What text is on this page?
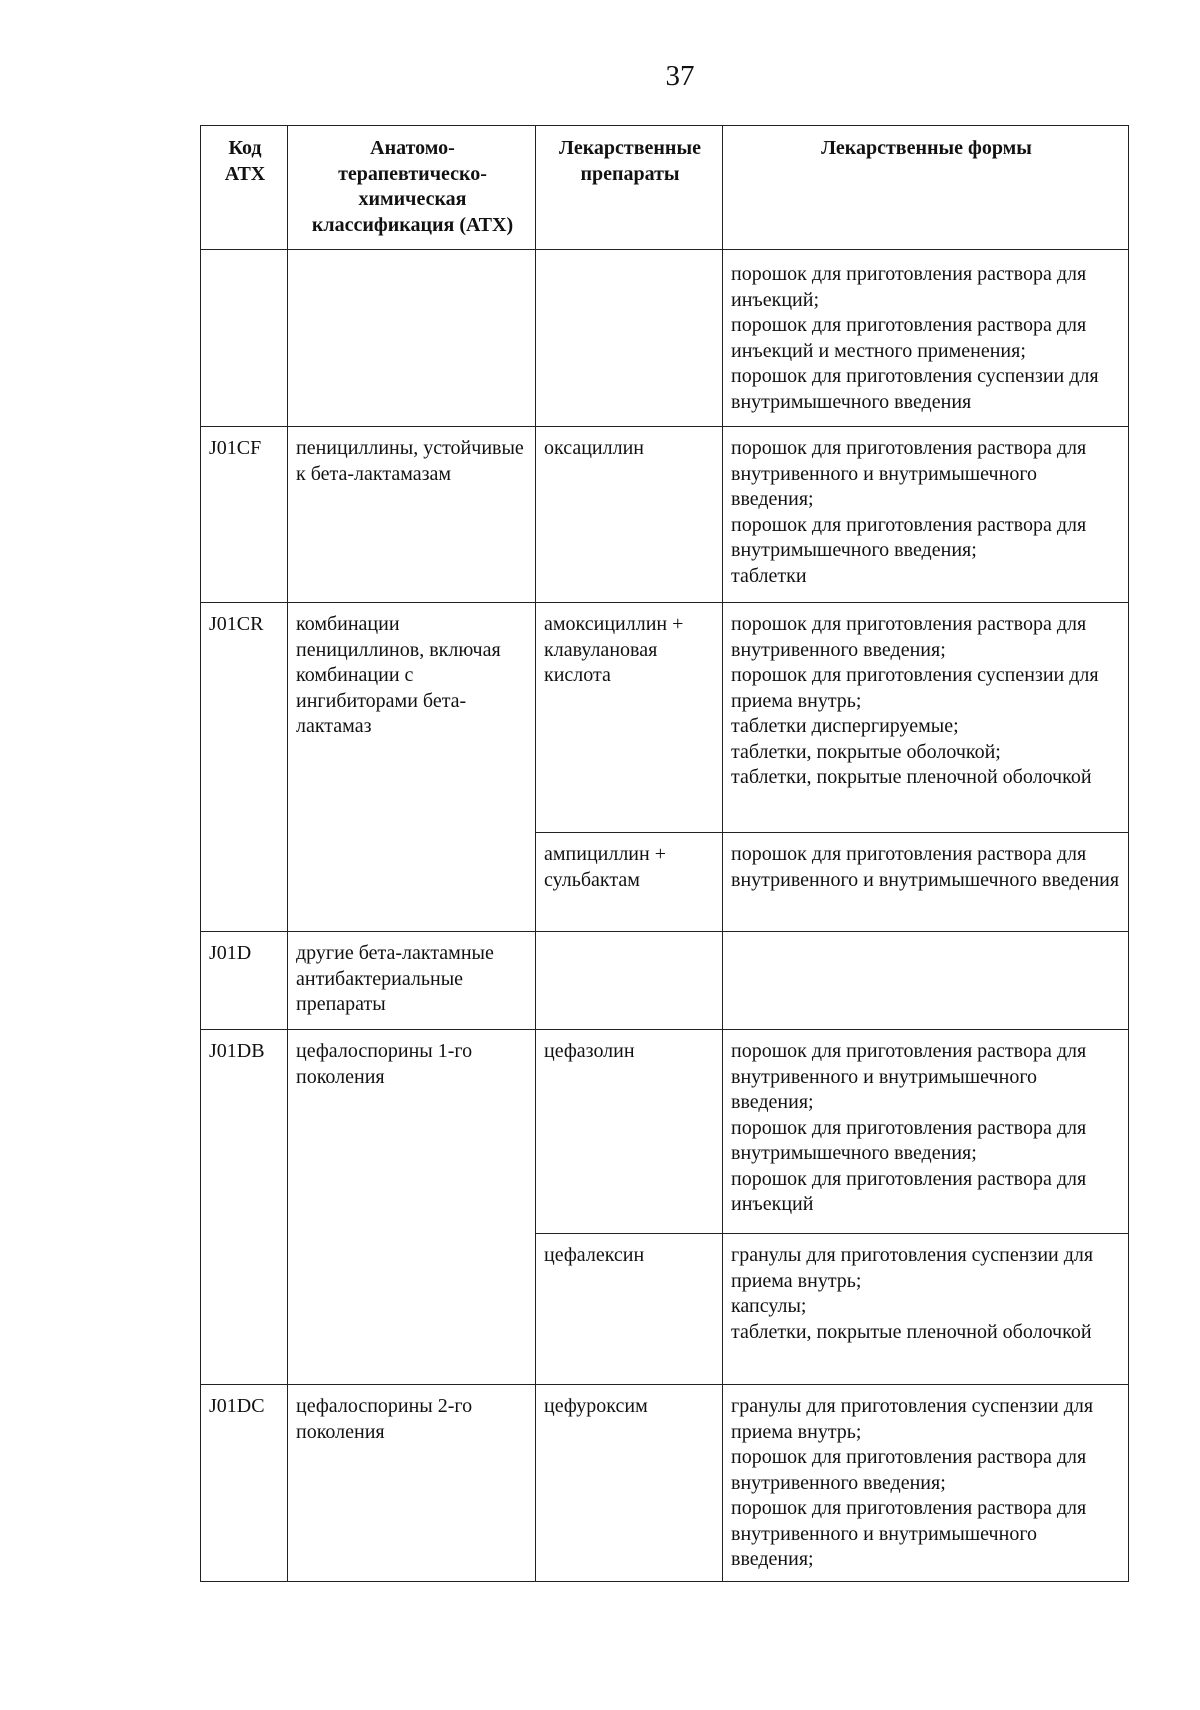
37
Код АТХ	Анатомо-терапевтическо-химическая классификация (АТХ)	Лекарственные препараты	Лекарственные формы

			порошок для приготовления раствора для инъекций;
порошок для приготовления раствора для инъекций и местного применения;
порошок для приготовления суспензии для внутримышечного введения

J01CF	пенициллины, устойчивые к бета-лактамазам	оксациллин	порошок для приготовления раствора для внутривенного и внутримышечного введения;
порошок для приготовления раствора для внутримышечного введения;
таблетки

J01CR	комбинации пенициллинов, включая комбинации с ингибиторами бета-лактамаз	амоксициллин + клавулановая кислота	порошок для приготовления раствора для внутривенного введения;
порошок для приготовления суспензии для приема внутрь;
таблетки диспергируемые;
таблетки, покрытые оболочкой;
таблетки, покрытые пленочной оболочкой

		ампициллин + сульбактам	порошок для приготовления раствора для внутривенного и внутримышечного введения

J01D	другие бета-лактамные антибактериальные препараты		
J01DB	цефалоспорины 1-го поколения	цефазолин	порошок для приготовления раствора для внутривенного и внутримышечного введения;
порошок для приготовления раствора для внутримышечного введения;
порошок для приготовления раствора для инъекций

		цефалексин	гранулы для приготовления суспензии для приема внутрь;
капсулы;
таблетки, покрытые пленочной оболочкой

J01DC	цефалоспорины 2-го поколения	цефуроксим	гранулы для приготовления суспензии для приема внутрь;
порошок для приготовления раствора для внутривенного введения;
порошок для приготовления раствора для внутривенного и внутримышечного введения;
